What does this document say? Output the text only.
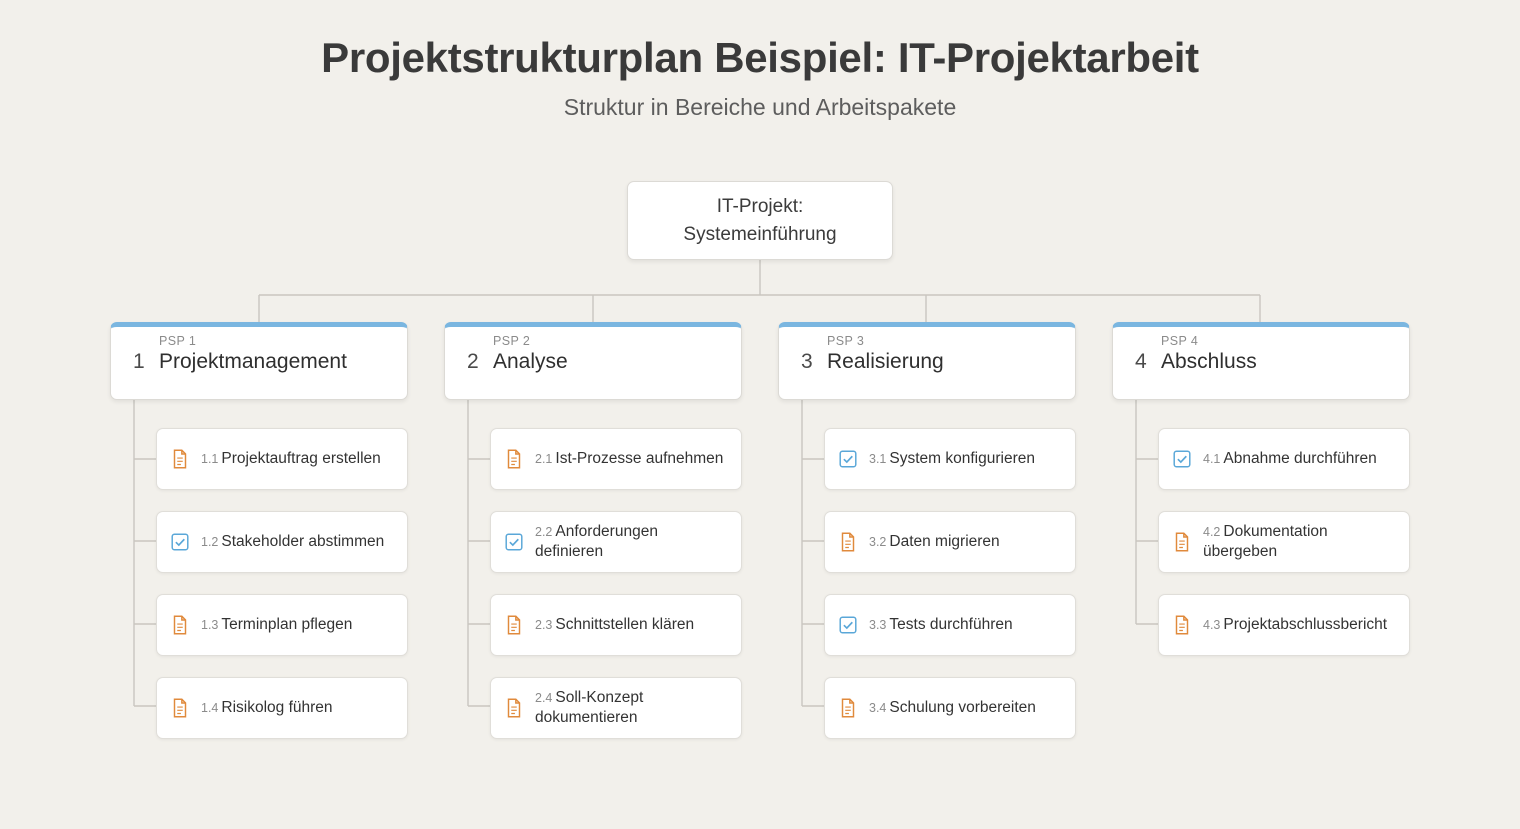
Projektstrukturplan Beispiel: IT-Projektarbeit
Struktur in Bereiche und Arbeitspakete
IT-Projekt:
Systemeinführung
PSP 1
1 Projektmanagement
PSP 2
2 Analyse
PSP 3
3 Realisierung
PSP 4
4 Abschluss
1.1 Projektauftrag erstellen
1.2 Stakeholder abstimmen
1.3 Terminplan pflegen
1.4 Risikolog führen
2.1 Ist-Prozesse aufnehmen
2.2 Anforderungen definieren
2.3 Schnittstellen klären
2.4 Soll-Konzept dokumentieren
3.1 System konfigurieren
3.2 Daten migrieren
3.3 Tests durchführen
3.4 Schulung vorbereiten
4.1 Abnahme durchführen
4.2 Dokumentation übergeben
4.3 Projektabschlussbericht
